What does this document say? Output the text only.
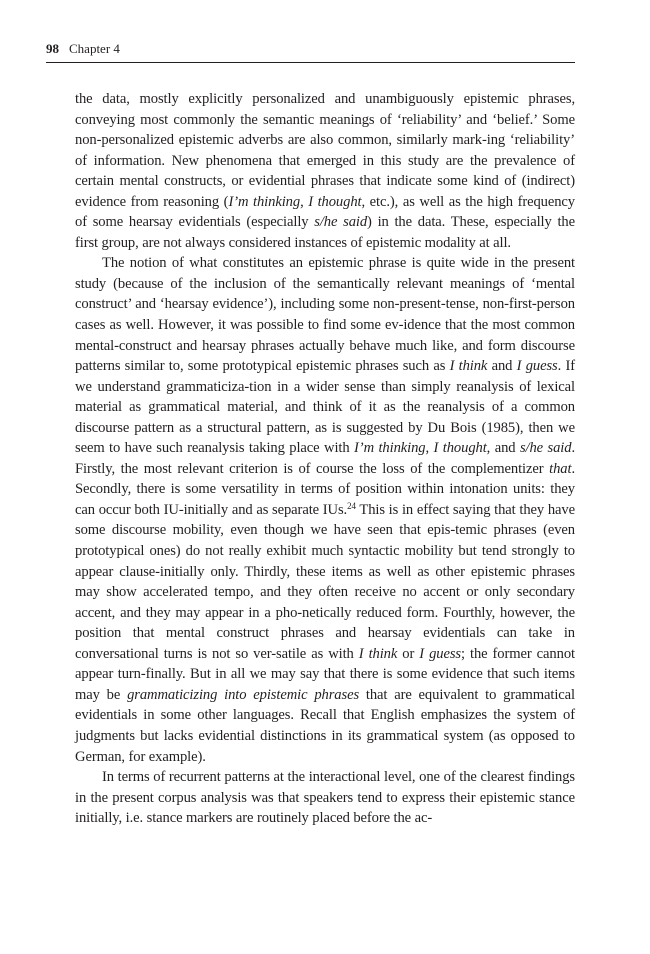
98 Chapter 4

the data, mostly explicitly personalized and unambiguously epistemic phrases, conveying most commonly the semantic meanings of ‘reliability’ and ‘belief.’ Some non-personalized epistemic adverbs are also common, similarly mark-ing ‘reliability’ of information. New phenomena that emerged in this study are the prevalence of certain mental constructs, or evidential phrases that indicate some kind of (indirect) evidence from reasoning (I’m thinking, I thought, etc.), as well as the high frequency of some hearsay evidentials (especially s/he said) in the data. These, especially the first group, are not always considered instances of epistemic modality at all.

The notion of what constitutes an epistemic phrase is quite wide in the present study (because of the inclusion of the semantically relevant meanings of ‘mental construct’ and ‘hearsay evidence’), including some non-present-tense, non-first-person cases as well. However, it was possible to find some ev-idence that the most common mental-construct and hearsay phrases actually behave much like, and form discourse patterns similar to, some prototypical epistemic phrases such as I think and I guess. If we understand grammaticiza-tion in a wider sense than simply reanalysis of lexical material as grammatical material, and think of it as the reanalysis of a common discourse pattern as a structural pattern, as is suggested by Du Bois (1985), then we seem to have such reanalysis taking place with I’m thinking, I thought, and s/he said. Firstly, the most relevant criterion is of course the loss of the complementizer that. Secondly, there is some versatility in terms of position within intonation units: they can occur both IU-initially and as separate IUs.$^{24}$ This is in effect saying that they have some discourse mobility, even though we have seen that epis-temic phrases (even prototypical ones) do not really exhibit much syntactic mobility but tend strongly to appear clause-initially only. Thirdly, these items as well as other epistemic phrases may show accelerated tempo, and they often receive no accent or only secondary accent, and they may appear in a pho-netically reduced form. Fourthly, however, the position that mental construct phrases and hearsay evidentials can take in conversational turns is not so ver-satile as with I think or I guess; the former cannot appear turn-finally. But in all we may say that there is some evidence that such items may be grammaticizing into epistemic phrases that are equivalent to grammatical evidentials in some other languages. Recall that English emphasizes the system of judgments but lacks evidential distinctions in its grammatical system (as opposed to German, for example).

In terms of recurrent patterns at the interactional level, one of the clearest findings in the present corpus analysis was that speakers tend to express their epistemic stance initially, i.e. stance markers are routinely placed before the ac-
